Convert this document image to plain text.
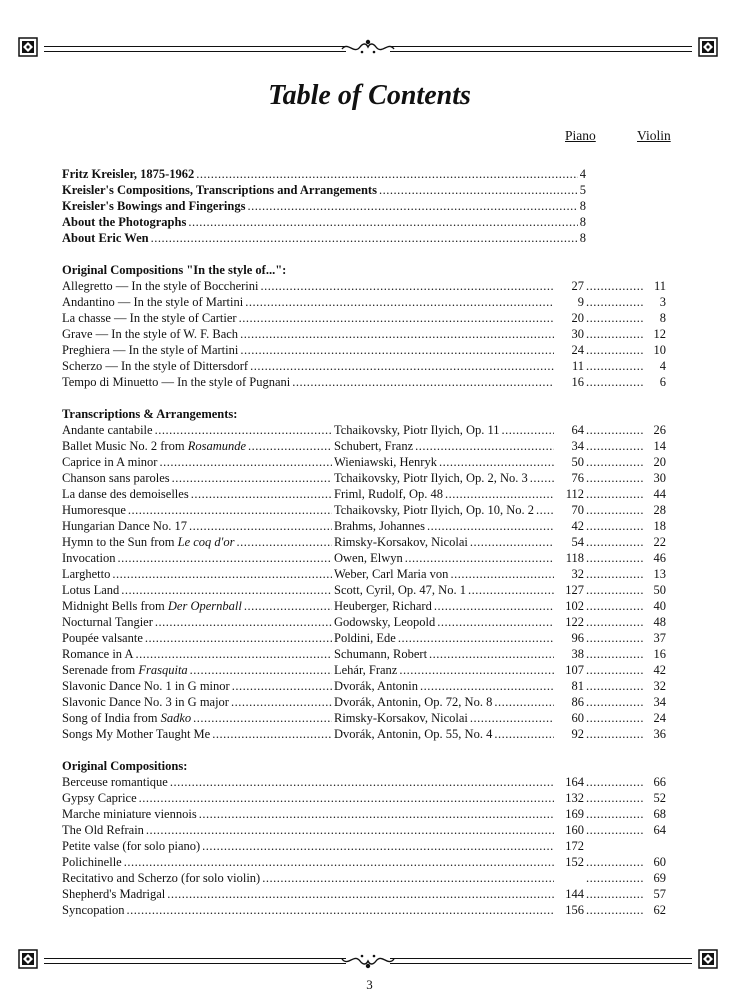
Table of Contents
Piano	Violin
Fritz Kreisler, 1875-1962 .....	4
Kreisler's Compositions, Transcriptions and Arrangements .....	5
Kreisler's Bowings and Fingerings .....	8
About the Photographs .....	8
About Eric Wen .....	8
Original Compositions "In the style of...":
Allegretto — In the style of Boccherini .....	27 .....	11
Andantino — In the style of Martini .....	9 .....	3
La chasse — In the style of Cartier .....	20 .....	8
Grave — In the style of W. F. Bach .....	30 .....	12
Preghiera — In the style of Martini .....	24 .....	10
Scherzo — In the style of Dittersdorf .....	11 .....	4
Tempo di Minuetto — In the style of Pugnani .....	16 .....	6
Transcriptions & Arrangements:
Andante cantabile .....	Tchaikovsky, Piotr Ilyich, Op. 11 .....	64 .....	26
Ballet Music No. 2 from Rosamunde .....	Schubert, Franz .....	34 .....	14
Caprice in A minor .....	Wieniawski, Henryk .....	50 .....	20
Chanson sans paroles .....	Tchaikovsky, Piotr Ilyich, Op. 2, No. 3 .....	76 .....	30
La danse des demoiselles .....	Friml, Rudolf, Op. 48 .....	112 .....	44
Humoresque .....	Tchaikovsky, Piotr Ilyich, Op. 10, No. 2 .....	70 .....	28
Hungarian Dance No. 17 .....	Brahms, Johannes .....	42 .....	18
Hymn to the Sun from Le coq d'or .....	Rimsky-Korsakov, Nicolai .....	54 .....	22
Invocation .....	Owen, Elwyn .....	118 .....	46
Larghetto .....	Weber, Carl Maria von .....	32 .....	13
Lotus Land .....	Scott, Cyril, Op. 47, No. 1 .....	127 .....	50
Midnight Bells from Der Opernball .....	Heuberger, Richard .....	102 .....	40
Nocturnal Tangier .....	Godowsky, Leopold .....	122 .....	48
Poupée valsante .....	Poldini, Ede .....	96 .....	37
Romance in A .....	Schumann, Robert .....	38 .....	16
Serenade from Frasquita .....	Lehár, Franz .....	107 .....	42
Slavonic Dance No. 1 in G minor .....	Dvorák, Antonin .....	81 .....	32
Slavonic Dance No. 3 in G major .....	Dvorák, Antonin, Op. 72, No. 8 .....	86 .....	34
Song of India from Sadko .....	Rimsky-Korsakov, Nicolai .....	60 .....	24
Songs My Mother Taught Me .....	Dvorák, Antonin, Op. 55, No. 4 .....	92 .....	36
Original Compositions:
Berceuse romantique .....	164 .....	66
Gypsy Caprice .....	132 .....	52
Marche miniature viennois .....	169 .....	68
The Old Refrain .....	160 .....	64
Petite valse (for solo piano) .....	172
Polichinelle .....	152 .....	60
Recitativo and Scherzo (for solo violin) ..... .....	69
Shepherd's Madrigal .....	144 .....	57
Syncopation .....	156 .....	62
3
